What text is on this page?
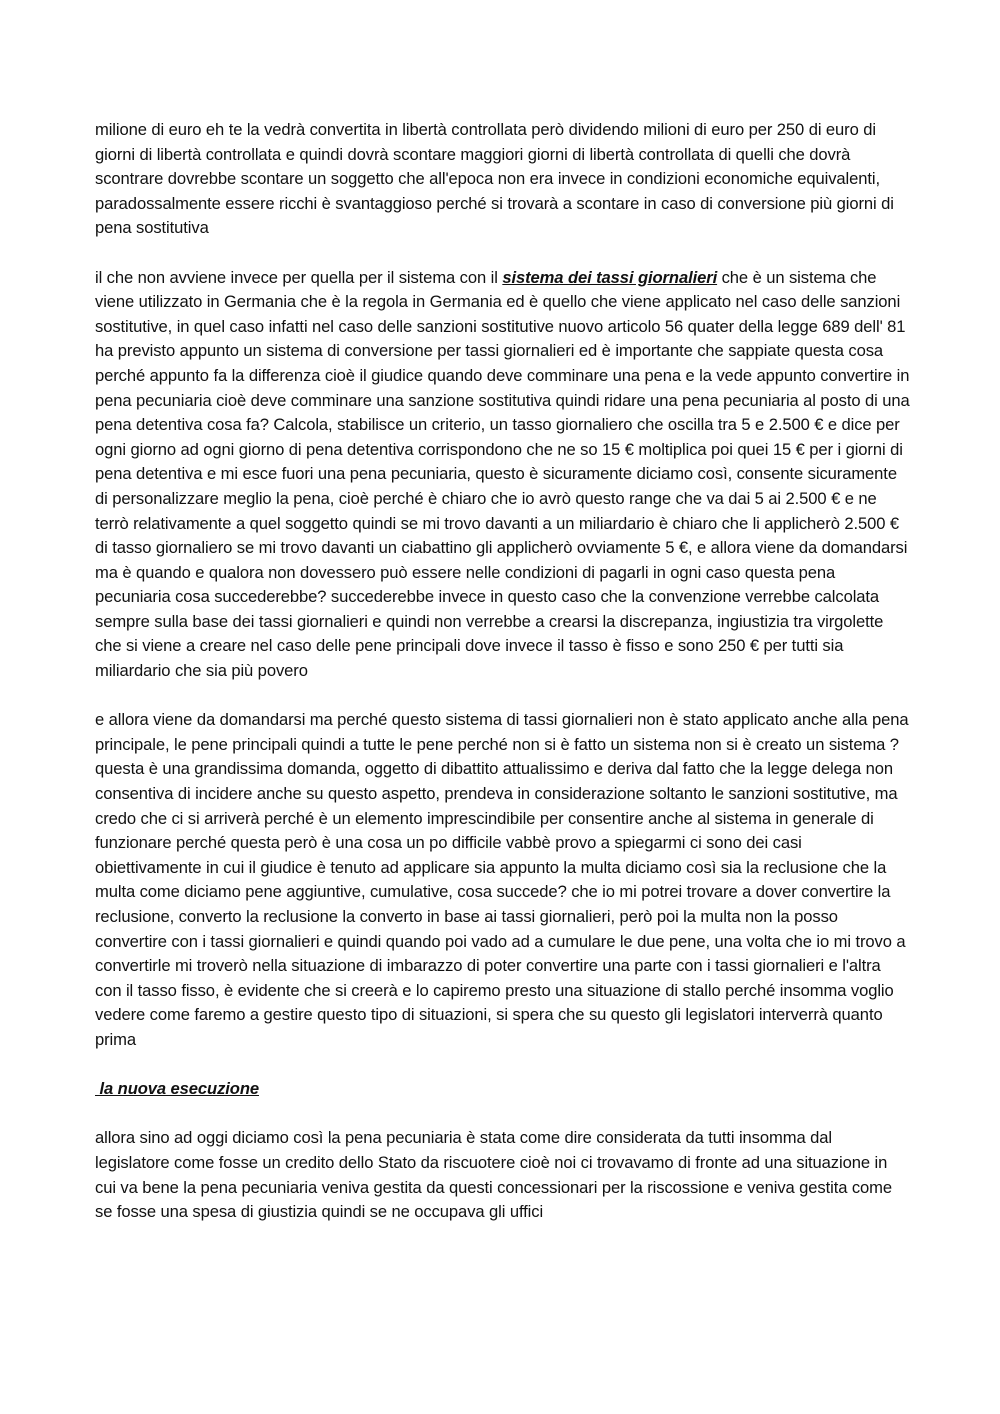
milione di euro eh te la vedrà convertita in libertà controllata però dividendo milioni di euro per 250 di euro di giorni di libertà controllata e quindi dovrà scontare maggiori giorni di libertà controllata di quelli che dovrà scontrare dovrebbe scontare un soggetto che all'epoca non era invece in condizioni economiche equivalenti, paradossalmente essere ricchi è svantaggioso perché si trovarà a scontare in caso di conversione più giorni di pena sostitutiva

il che non avviene invece per quella per il sistema con il sistema dei tassi giornalieri che è un sistema che viene utilizzato in Germania che è la regola in Germania ed è quello che viene applicato nel caso delle sanzioni sostitutive, in quel caso infatti nel caso delle sanzioni sostitutive nuovo articolo 56 quater della legge 689 dell' 81 ha previsto appunto un sistema di conversione per tassi giornalieri ed è importante che sappiate questa cosa perché appunto fa la differenza cioè il giudice quando deve comminare una pena e la vede appunto convertire in pena pecuniaria cioè deve comminare una sanzione sostitutiva quindi ridare una pena pecuniaria al posto di una pena detentiva cosa fa? Calcola, stabilisce un criterio, un tasso giornaliero che oscilla tra 5 e 2.500 € e dice per ogni giorno ad ogni giorno di pena detentiva corrispondono che ne so 15 € moltiplica poi quei 15 € per i giorni di pena detentiva e mi esce fuori una pena pecuniaria, questo è sicuramente diciamo così, consente sicuramente di personalizzare meglio la pena, cioè perché è chiaro che io avrò questo range che va dai 5 ai 2.500 € e ne terrò relativamente a quel soggetto quindi se mi trovo davanti a un miliardario è chiaro che li applicherò 2.500 € di tasso giornaliero se mi trovo davanti un ciabattino gli applicherò ovviamente 5 €, e allora viene da domandarsi ma è quando e qualora non dovessero può essere nelle condizioni di pagarli in ogni caso questa pena pecuniaria cosa succederebbe? succederebbe invece in questo caso che la convenzione verrebbe calcolata sempre sulla base dei tassi giornalieri e quindi non verrebbe a crearsi la discrepanza, ingiustizia tra virgolette che si viene a creare nel caso delle pene principali dove invece il tasso è fisso e sono 250 € per tutti sia miliardario che sia più povero

e allora viene da domandarsi ma perché questo sistema di tassi giornalieri non è stato applicato anche alla pena principale, le pene principali quindi a tutte le pene perché non si è fatto un sistema non si è creato un sistema ? questa è una grandissima domanda, oggetto di dibattito attualissimo e deriva dal fatto che la legge delega non consentiva di incidere anche su questo aspetto, prendeva in considerazione soltanto le sanzioni sostitutive, ma credo che ci si arriverà perché è un elemento imprescindibile per consentire anche al sistema in generale di funzionare perché questa però è una cosa un po difficile vabbè provo a spiegarmi ci sono dei casi obiettivamente in cui il giudice è tenuto ad applicare sia appunto la multa diciamo così sia la reclusione che la multa come diciamo pene aggiuntive, cumulative, cosa succede? che io mi potrei trovare a dover convertire la reclusione, converto la reclusione la converto in base ai tassi giornalieri, però poi la multa non la posso convertire con i tassi giornalieri e quindi quando poi vado ad a cumulare le due pene, una volta che io mi trovo a convertirle mi troverò nella situazione di imbarazzo di poter convertire una parte con i tassi giornalieri e l'altra con il tasso fisso, è evidente che si creerà e lo capiremo presto una situazione di stallo perché insomma voglio vedere come faremo a gestire questo tipo di situazioni, si spera che su questo gli legislatori interverrà quanto prima

la nuova esecuzione

allora sino ad oggi diciamo così la pena pecuniaria è stata come dire considerata da tutti insomma dal legislatore come fosse un credito dello Stato da riscuotere cioè noi ci trovavamo di fronte ad una situazione in cui va bene la pena pecuniaria veniva gestita da questi concessionari per la riscossione e veniva gestita come se fosse una spesa di giustizia quindi se ne occupava gli uffici
